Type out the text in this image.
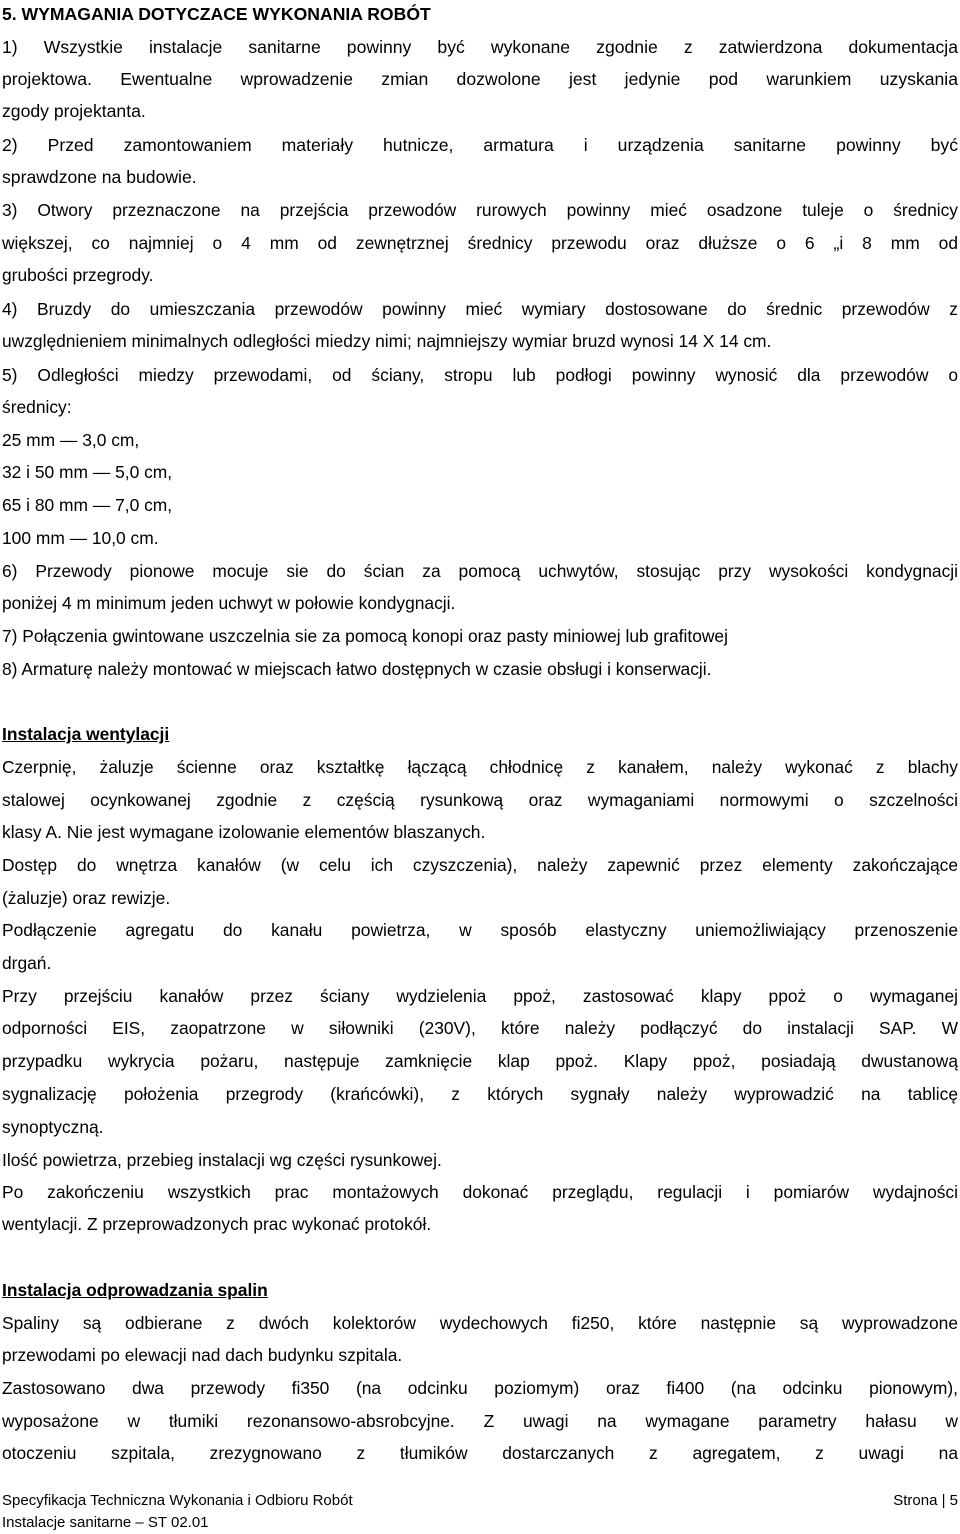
5. WYMAGANIA DOTYCZACE WYKONANIA ROBÓT
1) Wszystkie instalacje sanitarne powinny być wykonane zgodnie z zatwierdzona dokumentacja
projektowa. Ewentualne wprowadzenie zmian dozwolone jest jedynie pod warunkiem uzyskania
zgody projektanta.
2) Przed zamontowaniem materiały hutnicze, armatura i urządzenia sanitarne powinny być
sprawdzone na budowie.
3) Otwory przeznaczone na przejścia przewodów rurowych powinny mieć osadzone tuleje o średnicy
większej, co najmniej o 4 mm od zewnętrznej średnicy przewodu oraz dłuższe o 6 „i 8 mm od
grubości przegrody.
4) Bruzdy do umieszczania przewodów powinny mieć wymiary dostosowane do średnic przewodów z
uwzględnieniem minimalnych odległości miedzy nimi; najmniejszy wymiar bruzd wynosi 14 X 14 cm.
5) Odległości miedzy przewodami, od ściany, stropu lub podłogi powinny wynosić dla przewodów o
średnicy:
25 mm — 3,0 cm,
32 i 50 mm — 5,0 cm,
65 i 80 mm — 7,0 cm,
100 mm — 10,0 cm.
6) Przewody pionowe mocuje sie do ścian za pomocą uchwytów, stosując przy wysokości kondygnacji
poniżej 4 m minimum jeden uchwyt w połowie kondygnacji.
7) Połączenia gwintowane uszczelnia sie za pomocą konopi oraz pasty miniowej lub grafitowej
8) Armaturę należy montować w miejscach łatwo dostępnych w czasie obsługi i konserwacji.
Instalacja wentylacji
Czerpnię, żaluzje ścienne oraz kształtkę łączącą chłodnicę z kanałem, należy wykonać z blachy
stalowej ocynkowanej zgodnie z częścią rysunkową oraz wymaganiami normowymi o szczelności
klasy A. Nie jest wymagane izolowanie elementów blaszanych.
Dostęp do wnętrza kanałów (w celu ich czyszczenia), należy zapewnić przez elementy zakończające
(żaluzje) oraz rewizje.
Podłączenie agregatu do kanału powietrza, w sposób elastyczny uniemożliwiający przenoszenie
drgań.
Przy przejściu kanałów przez ściany wydzielenia ppoż, zastosować klapy ppoż o wymaganej
odporności EIS, zaopatrzone w siłowniki (230V), które należy podłączyć do instalacji SAP. W
przypadku wykrycia pożaru, następuje zamknięcie klap ppoż. Klapy ppoż, posiadają dwustanową
sygnalizację położenia przegrody (krańcówki), z których sygnały należy wyprowadzić na tablicę
synoptyczną.
Ilość powietrza, przebieg instalacji wg części rysunkowej.
Po zakończeniu wszystkich prac montażowych dokonać przeglądu, regulacji i pomiarów wydajności
wentylacji. Z przeprowadzonych prac wykonać protokół.
Instalacja odprowadzania spalin
Spaliny są odbierane z dwóch kolektorów wydechowych fi250, które następnie są wyprowadzone
przewodami po elewacji nad dach budynku szpitala.
Zastosowano dwa przewody fi350 (na odcinku poziomym) oraz fi400 (na odcinku pionowym),
wyposażone w tłumiki rezonansowo-absrobcyjne. Z uwagi na wymagane parametry hałasu w
otoczeniu szpitala, zrezygnowano z tłumików dostarczanych z agregatem, z uwagi na
Specyfikacja Techniczna Wykonania i Odbioru Robót	Strona | 5
Instalacje sanitarne – ST 02.01
